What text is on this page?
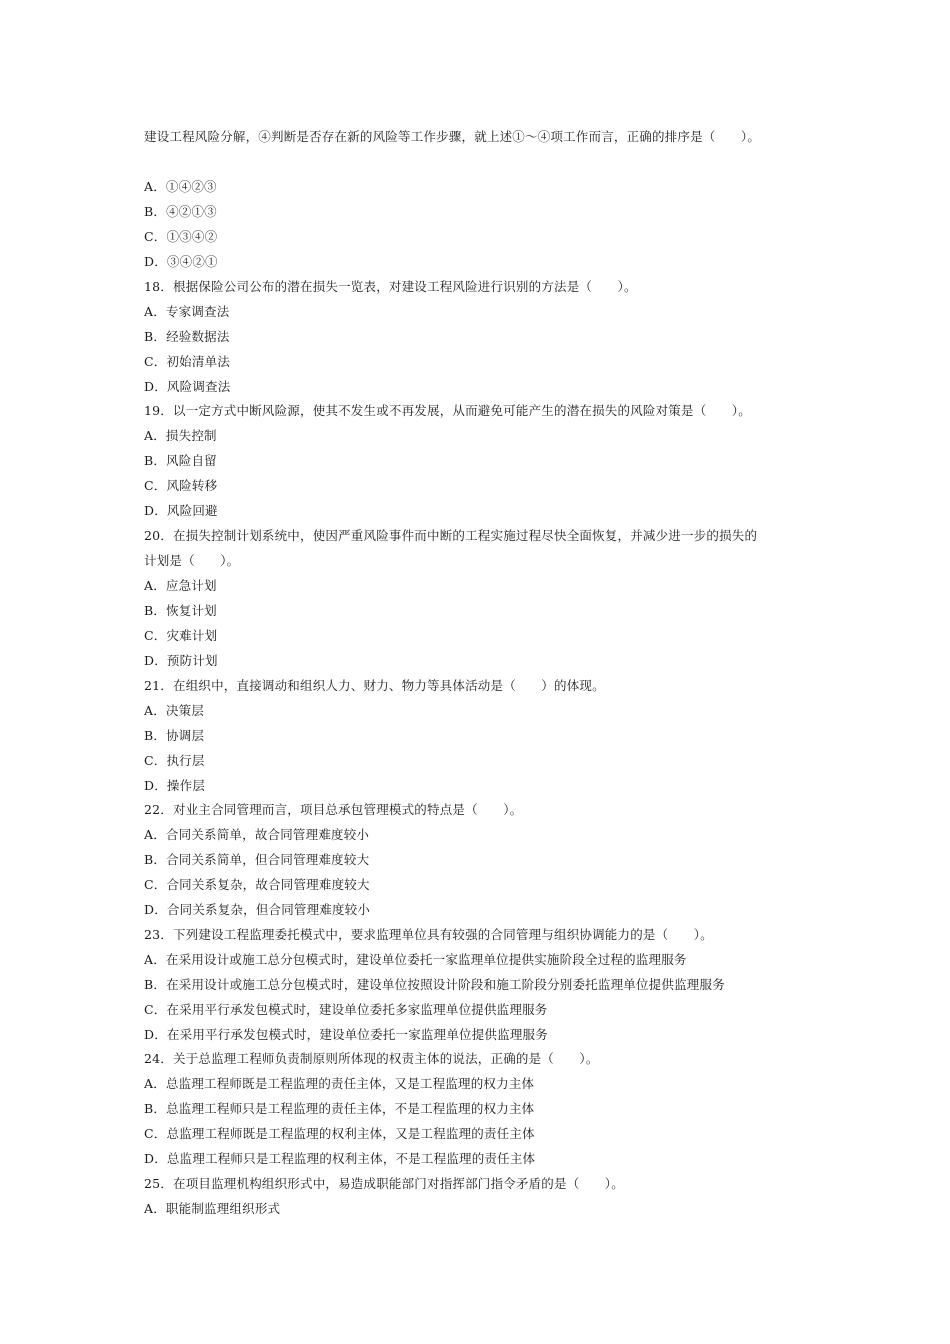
建设工程风险分解，④判断是否存在新的风险等工作步骤，就上述①～④项工作而言，正确的排序是（　　）。
A．①④②③
B．④②①③
C．①③④②
D．③④②①
18．根据保险公司公布的潜在损失一览表，对建设工程风险进行识别的方法是（　　）。
A．专家调查法
B．经验数据法
C．初始清单法
D．风险调查法
19．以一定方式中断风险源，使其不发生或不再发展，从而避免可能产生的潜在损失的风险对策是（　　）。
A．损失控制
B．风险自留
C．风险转移
D．风险回避
20．在损失控制计划系统中，使因严重风险事件而中断的工程实施过程尽快全面恢复，并减少进一步的损失的
计划是（　　）。
A．应急计划
B．恢复计划
C．灾难计划
D．预防计划
21．在组织中，直接调动和组织人力、财力、物力等具体活动是（　　）的体现。
A．决策层
B．协调层
C．执行层
D．操作层
22．对业主合同管理而言，项目总承包管理模式的特点是（　　）。
A．合同关系简单，故合同管理难度较小
B．合同关系简单，但合同管理难度较大
C．合同关系复杂，故合同管理难度较大
D．合同关系复杂，但合同管理难度较小
23．下列建设工程监理委托模式中，要求监理单位具有较强的合同管理与组织协调能力的是（　　）。
A．在采用设计或施工总分包模式时，建设单位委托一家监理单位提供实施阶段全过程的监理服务
B．在采用设计或施工总分包模式时，建设单位按照设计阶段和施工阶段分别委托监理单位提供监理服务
C．在采用平行承发包模式时，建设单位委托多家监理单位提供监理服务
D．在采用平行承发包模式时，建设单位委托一家监理单位提供监理服务
24．关于总监理工程师负责制原则所体现的权责主体的说法，正确的是（　　）。
A．总监理工程师既是工程监理的责任主体，又是工程监理的权力主体
B．总监理工程师只是工程监理的责任主体，不是工程监理的权力主体
C．总监理工程师既是工程监理的权利主体，又是工程监理的责任主体
D．总监理工程师只是工程监理的权利主体，不是工程监理的责任主体
25．在项目监理机构组织形式中，易造成职能部门对指挥部门指令矛盾的是（　　）。
A．职能制监理组织形式
